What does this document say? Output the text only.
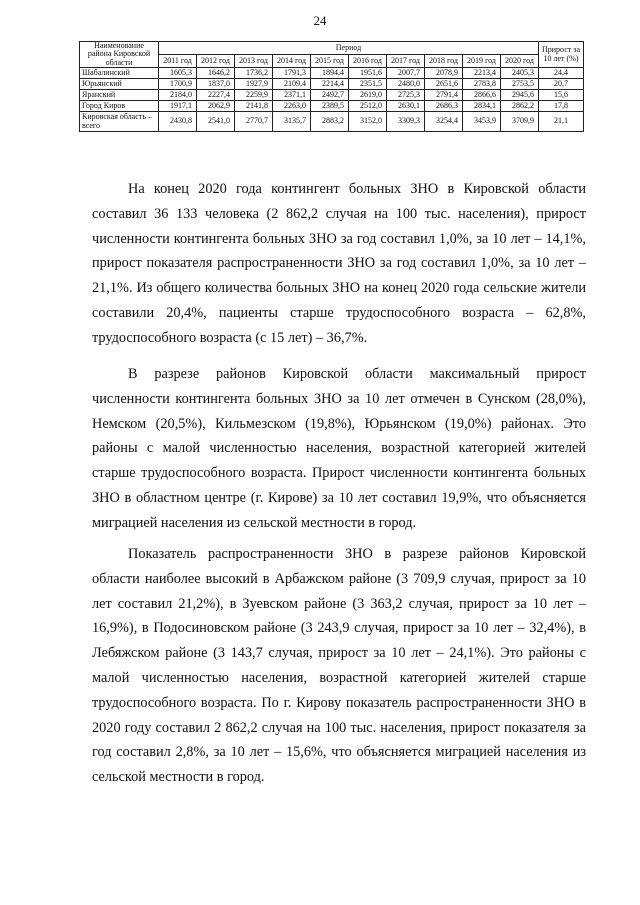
24
Наименование района Кировской области	Период										Прирост за 10 лет (%)
	2011 год	2012 год	2013 год	2014 год	2015 год	2016 год	2017 год	2018 год	2019 год	2020 год	
Шабалинский	1605,3	1646,2	1736,2	1791,3	1894,4	1951,6	2007,7	2078,9	2213,4	2405,3	24,4
Юрьянский	1700,9	1837,0	1927,9	2109,4	2214,4	2351,5	2480,0	2651,6	2783,8	2753,5	20,7
Яранский	2184,0	2227,4	2259,9	2371,1	2492,7	2619,0	2725,3	2791,4	2866,6	2945,6	15,6
Город Киров	1917,1	2062,9	2141,8	2263,0	2389,5	2512,0	2630,1	2686,3	2834,1	2862,2	17,8
Кировская область – всего	2430,8	2541,0	2770,7	3135,7	2883,2	3152,0	3309,3	3254,4	3453,9	3709,9	21,1

На конец 2020 года контингент больных ЗНО в Кировской области составил 36 133 человека (2 862,2 случая на 100 тыс. населения), прирост численности контингента больных ЗНО за год составил 1,0%, за 10 лет – 14,1%, прирост показателя распространенности ЗНО за год составил 1,0%, за 10 лет – 21,1%. Из общего количества больных ЗНО на конец 2020 года сельские жители составили 20,4%, пациенты старше трудоспособного возраста – 62,8%, трудоспособного возраста (с 15 лет) – 36,7%.

В разрезе районов Кировской области максимальный прирост численности контингента больных ЗНО за 10 лет отмечен в Сунском (28,0%), Немском (20,5%), Кильмезском (19,8%), Юрьянском (19,0%) районах. Это районы с малой численностью населения, возрастной категорией жителей старше трудоспособного возраста. Прирост численности контингента больных ЗНО в областном центре (г. Кирове) за 10 лет составил 19,9%, что объясняется миграцией населения из сельской местности в город.

Показатель распространенности ЗНО в разрезе районов Кировской области наиболее высокий в Арбажском районе (3 709,9 случая, прирост за 10 лет составил 21,2%), в Зуевском районе (3 363,2 случая, прирост за 10 лет – 16,9%), в Подосиновском районе (3 243,9 случая, прирост за 10 лет – 32,4%), в Лебяжском районе (3 143,7 случая, прирост за 10 лет – 24,1%). Это районы с малой численностью населения, возрастной категорией жителей старше трудоспособного возраста. По г. Кирову показатель распространенности ЗНО в 2020 году составил 2 862,2 случая на 100 тыс. населения, прирост показателя за год составил 2,8%, за 10 лет – 15,6%, что объясняется миграцией населения из сельской местности в город.
